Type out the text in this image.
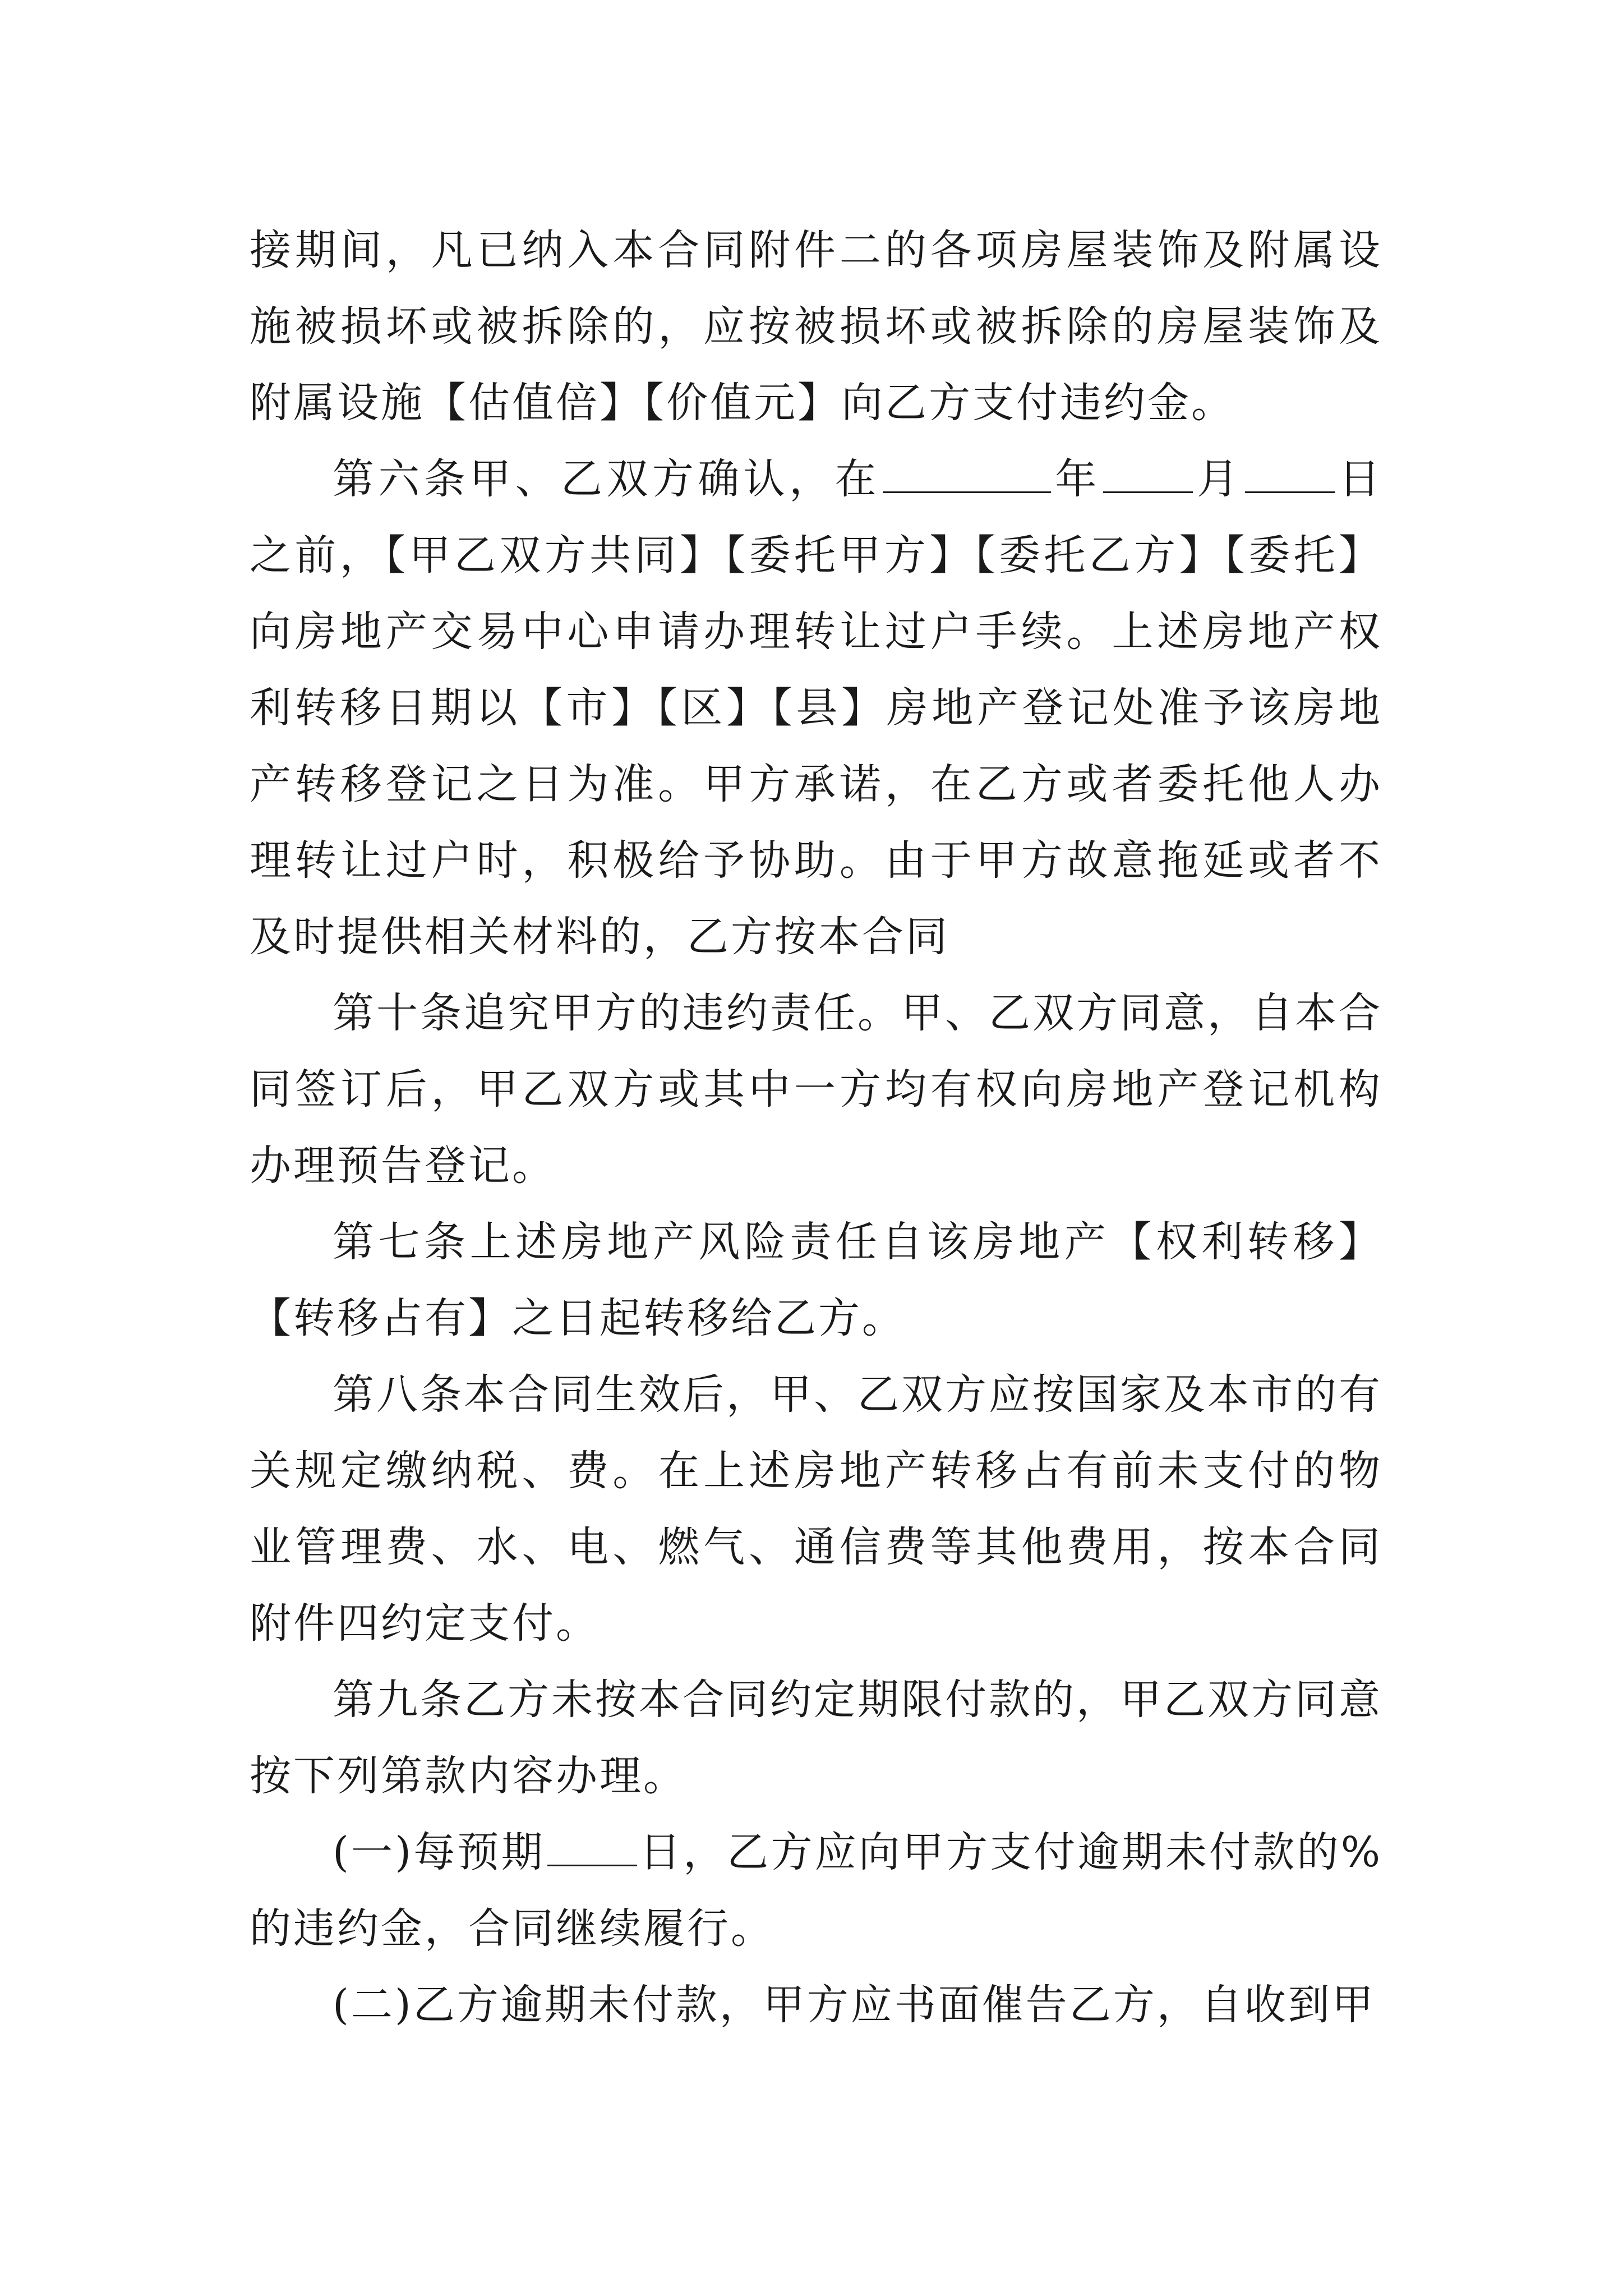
接期间，凡已纳入本合同附件二的各项房屋装饰及附属设施被损坏或被拆除的，应按被损坏或被拆除的房屋装饰及附属设施【估值倍】【价值元】向乙方支付违约金。

第六条甲、乙双方确认，在	年 月 日之前，【甲乙双方共同】【委托甲方】【委托乙方】【委托】向房地产交易中心申请办理转让过户手续。上述房地产权利转移日期以【市】【区】【县】房地产登记处准予该房地产转移登记之日为准。甲方承诺，在乙方或者委托他人办理转让过户时，积极给予协助。由于甲方故意拖延或者不及时提供相关材料的，乙方按本合同

第十条追究甲方的违约责任。甲、乙双方同意，自本合同签订后，甲乙双方或其中一方均有权向房地产登记机构办理预告登记。

第七条上述房地产风险责任自该房地产【权利转移】【转移占有】之日起转移给乙方。

第八条本合同生效后，甲、乙双方应按国家及本市的有关规定缴纳税、费。在上述房地产转移占有前未支付的物业管理费、水、电、燃气、通信费等其他费用，按本合同附件四约定支付。

第九条乙方未按本合同约定期限付款的，甲乙双方同意按下列第款内容办理。

(一)每预期 日，乙方应向甲方支付逾期未付款的%的违约金，合同继续履行。

(二)乙方逾期未付款，甲方应书面催告乙方，自收到甲
